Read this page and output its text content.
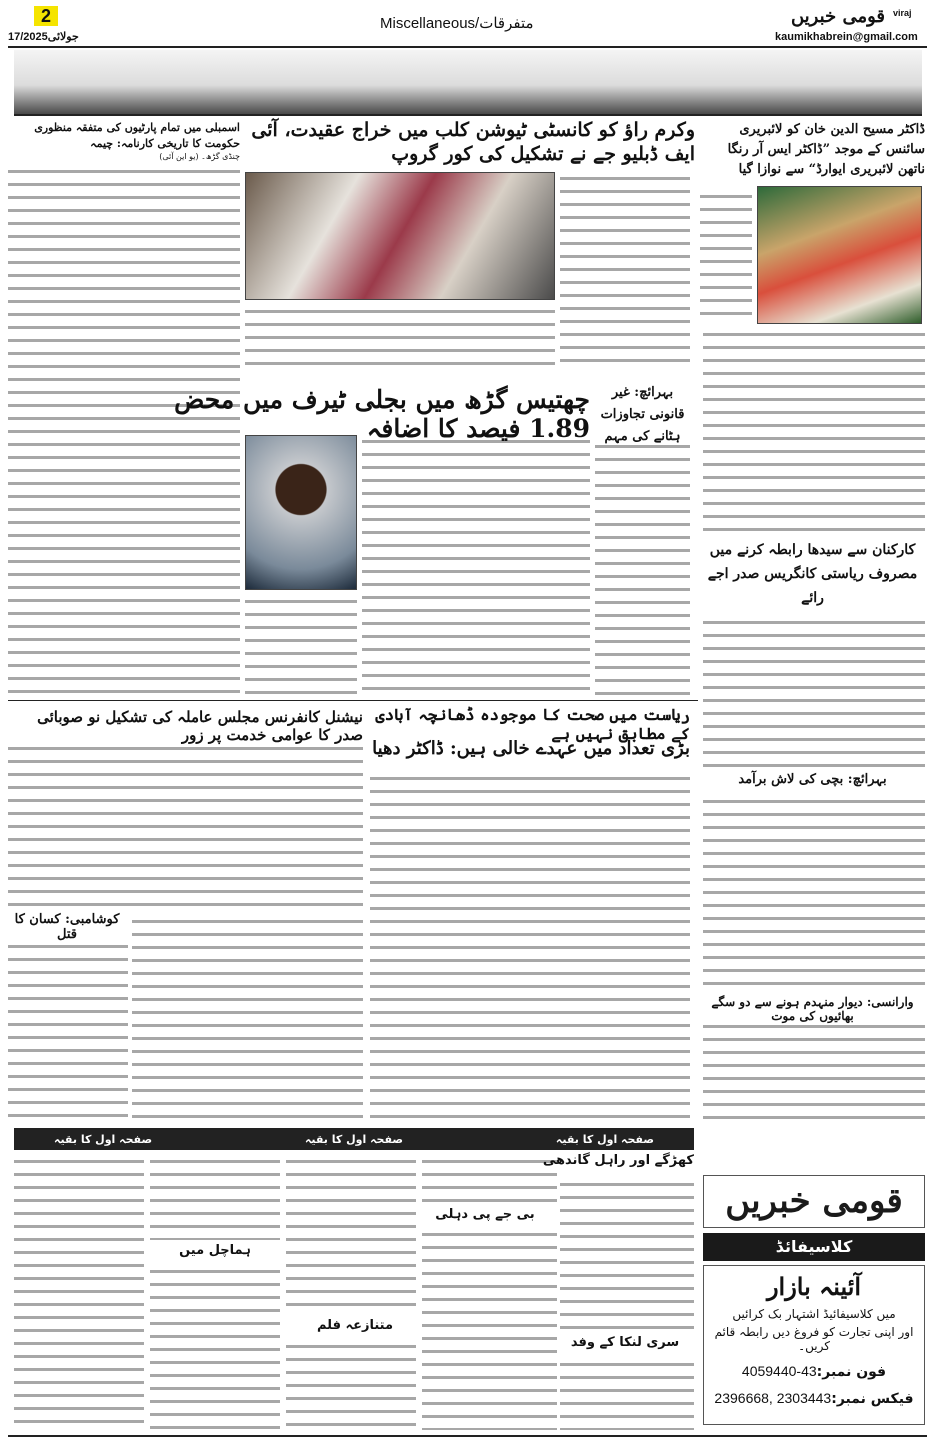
2
17/جولائی2025
Miscellaneous/متفرقات
viraj
قومی خبریں
kaumikhabrein@gmail.com
ڈاکٹر مسیح الدین خان کو لائبریری سائنس کے موجد ”ڈاکٹر ایس آر رنگا ناتھن لائبریری ایوارڈ“ سے نوازا گیا
کارکنان سے سیدھا رابطہ کرنے میں مصروف ریاستی کانگریس صدر اجے رائے
بہرائچ: بچی کی لاش برآمد
وارانسی: دیوار منہدم ہونے سے دو سگے بھائیوں کی موت
وکرم راؤ کو کانسٹی ٹیوشن کلب میں خراج عقیدت، آئی ایف ڈبلیو جے نے تشکیل کی کور گروپ
اسمبلی میں تمام پارٹیوں کی متفقہ منظوری حکومت کا تاریخی کارنامہ: چیمہ
چنڈی گڑھ۔ (یو این آئی)
چھتیس گڑھ میں بجلی ٹیرف میں محض 1.89 فیصد کا اضافہ
بہرائچ: غیر قانونی تجاوزات ہٹانے کی مہم
ریاست میں صحت کا موجودہ ڈھانچہ آبادی کے مطابق نہیں ہے
بڑی تعداد میں عہدے خالی ہیں: ڈاکٹر دھیا
نیشنل کانفرنس مجلس عاملہ کی تشکیل نو صوبائی صدر کا عوامی خدمت پر زور
کوشامبی: کسان کا قتل
صفحہ اول کا بقیہ	صفحہ اول کا بقیہ	صفحہ اول کا بقیہ
کھڑگے اور راہل گاندھی
بی جے پی دہلی
سری لنکا کے وفد
ہماچل میں
متنازعہ فلم
قومی خبریں
کلاسیفائڈ
آئینہ بازار
میں کلاسیفائیڈ اشتہار بک کرائیں
اور اپنی تجارت کو فروغ دیں رابطہ قائم کریں۔
فون نمبر:4059440-43
فیکس نمبر:2396668, 2303443
